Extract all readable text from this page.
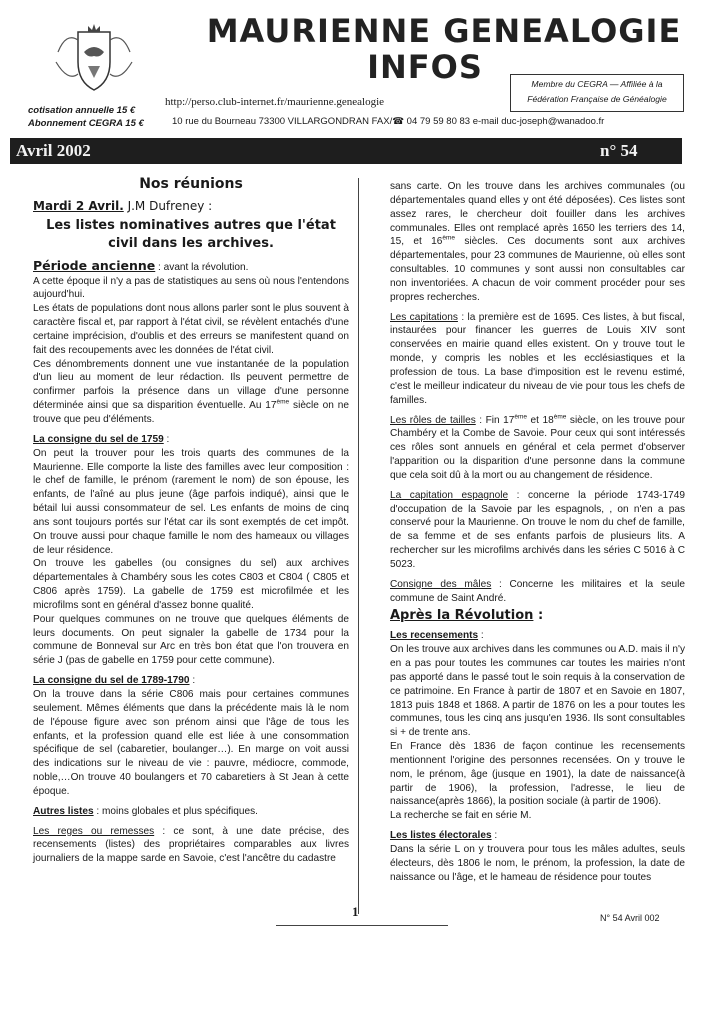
MAURIENNE GENEALOGIE
INFOS	Membre du CEGRA — Affiliée à la
Fédération Française de Généalogie
http://perso.club-internet.fr/maurienne.genealogie
cotisation annuelle 15 €
Abonnement CEGRA 15 €	10 rue du Bourneau 73300 VILLARGONDRAN FAX/☎ 04 79 59 80 83 e-mail duc-joseph@wanadoo.fr
Avril 2002	n° 54

Nos réunions

Mardi 2 Avril. J.M Dufreney :

Les listes nominatives autres que l'état civil dans les archives.

Période ancienne : avant la révolution.

A cette époque il n'y a pas de statistiques au sens où nous l'entendons aujourd'hui.

Les états de populations dont nous allons parler sont le plus souvent à caractère fiscal et, par rapport à l'état civil, se révèlent entachés d'une certaine imprécision, d'oublis et des erreurs se manifestent quand on fait des recoupements avec les données de l'état civil.

Ces dénombrements donnent une vue instantanée de la population d'un lieu au moment de leur rédaction. Ils peuvent permettre de confirmer parfois la présence dans un village d'une personne déterminée ainsi que sa disparition éventuelle. Au 17ème siècle on ne trouve que peu d'éléments.

La consigne du sel de 1759 :

On peut la trouver pour les trois quarts des communes de la Maurienne. Elle comporte la liste des familles avec leur composition : le chef de famille, le prénom (rarement le nom) de son épouse, les enfants, de l'aîné au plus jeune (âge parfois indiqué), ainsi que le bétail lui aussi consommateur de sel. Les enfants de moins de cinq ans sont toujours portés sur l'état car ils sont exemptés de cet impôt. On trouve aussi pour chaque famille le nom des hameaux ou villages de leur résidence.

On trouve les gabelles (ou consignes du sel) aux archives départementales à Chambéry sous les cotes C803 et C804 ( C805 et C806 après 1759). La gabelle de 1759 est microfilmée et les microfilms sont en général d'assez bonne qualité.

Pour quelques communes on ne trouve que quelques éléments de leurs documents. On peut signaler la gabelle de 1734 pour la commune de Bonneval sur Arc en très bon état que l'on trouvera en série J (pas de gabelle en 1759 pour cette commune).

La consigne du sel de 1789-1790 :

On la trouve dans la série C806 mais pour certaines communes seulement. Mêmes éléments que dans la précédente mais là le nom de l'épouse figure avec son prénom ainsi que l'âge de tous les enfants, et la profession quand elle est liée à une consommation spécifique de sel (cabaretier, boulanger…). En marge on voit aussi des indications sur le niveau de vie : pauvre, médiocre, commode, noble,…On trouve 40 boulangers et 70 cabaretiers à St Jean à cette époque.

Autres listes : moins globales et plus spécifiques.

Les reges ou remesses : ce sont, à une date précise, des recensements (listes) des propriétaires comparables aux livres journaliers de la mappe sarde en Savoie, c'est l'ancêtre du cadastre

sans carte. On les trouve dans les archives communales (ou départementales quand elles y ont été déposées). Ces listes sont assez rares, le chercheur doit fouiller dans les archives communales. Elles ont remplacé après 1650 les terriers des 14, 15, et 16ème siècles. Ces documents sont aux archives départementales, pour 23 communes de Maurienne, où elles sont consultables. 10 communes y sont aussi non consultables car non inventoriées. A chacun de voir comment procéder pour ses propres recherches.

Les capitations : la première est de 1695. Ces listes, à but fiscal, instaurées pour financer les guerres de Louis XIV sont conservées en mairie quand elles existent. On y trouve tout le monde, y compris les nobles et les ecclésiastiques et la profession de tous. La base d'imposition est le revenu estimé, c'est le meilleur indicateur du niveau de vie pour tous les chefs de familles.

Les rôles de tailles : Fin 17ème et 18ème siècle, on les trouve pour Chambéry et la Combe de Savoie. Pour ceux qui sont intéressés ces rôles sont annuels en général et cela permet d'observer l'apparition ou la disparition d'une personne dans la commune que cela soit dû à la mort ou au changement de résidence.

La capitation espagnole : concerne la période 1743-1749 d'occupation de la Savoie par les espagnols, , on n'en a pas conservé pour la Maurienne. On trouve le nom du chef de famille, de sa femme et de ses enfants parfois de plusieurs lits. A rechercher sur les microfilms archivés dans les séries C 5016 à C 5023.

Consigne des mâles : Concerne les militaires et la seule commune de Saint André.

Après la Révolution :

Les recensements :

On les trouve aux archives dans les communes ou A.D. mais il n'y en a pas pour toutes les communes car toutes les mairies n'ont pas apporté dans le passé tout le soin requis à la conservation de ce patrimoine. En France à partir de 1807 et en Savoie en 1807, 1813 puis 1848 et 1868. A partir de 1876 on les a pour toutes les communes, tous les cinq ans jusqu'en 1936. Ils sont consultables si + de trente ans.

En France dès 1836 de façon continue les recensements mentionnent l'origine des personnes recensées. On y trouve le nom, le prénom, âge (jusque en 1901), la date de naissance(à partir de 1906), la profession, l'adresse, le lieu de naissance(après 1866), la position sociale (à partir de 1906).

La recherche se fait en série M.

Les listes électorales :

Dans la série L on y trouvera pour tous les mâles adultes, seuls électeurs, dès 1806 le nom, le prénom, la profession, la date de naissance ou l'âge, et le hameau de résidence pour toutes

1	N° 54 Avril 002
